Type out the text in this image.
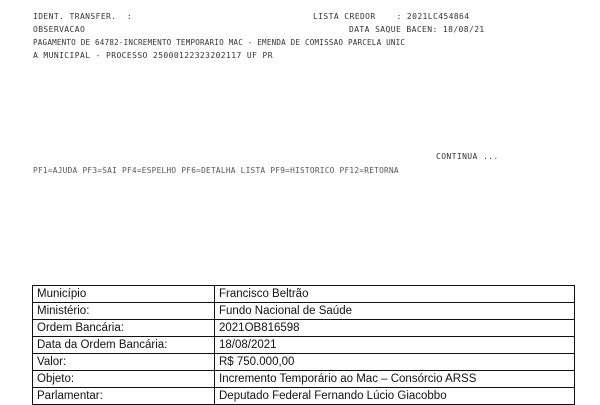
IDENT. TRANSFER.  :	LISTA CREDOR    : 2021LC454864
OBSERVACAO	DATA SAQUE BACEN: 18/08/21
PAGAMENTO DE 64782-INCREMENTO TEMPORARIO MAC - EMENDA DE COMISSAO PARCELA UNIC
A MUNICIPAL - PROCESSO 25000122323202117 UF PR
CONTINUA ...
PF1=AJUDA PF3=SAI PF4=ESPELHO PF6=DETALHA LISTA PF9=HISTORICO PF12=RETORNA
Município	Francisco Beltrão
Ministério:	Fundo Nacional de Saúde
Ordem Bancária:	2021OB816598
Data da Ordem Bancária:	18/08/2021
Valor:	R$ 750.000,00
Objeto:	Incremento Temporário ao Mac – Consórcio ARSS
Parlamentar:	Deputado Federal Fernando Lúcio Giacobbo
